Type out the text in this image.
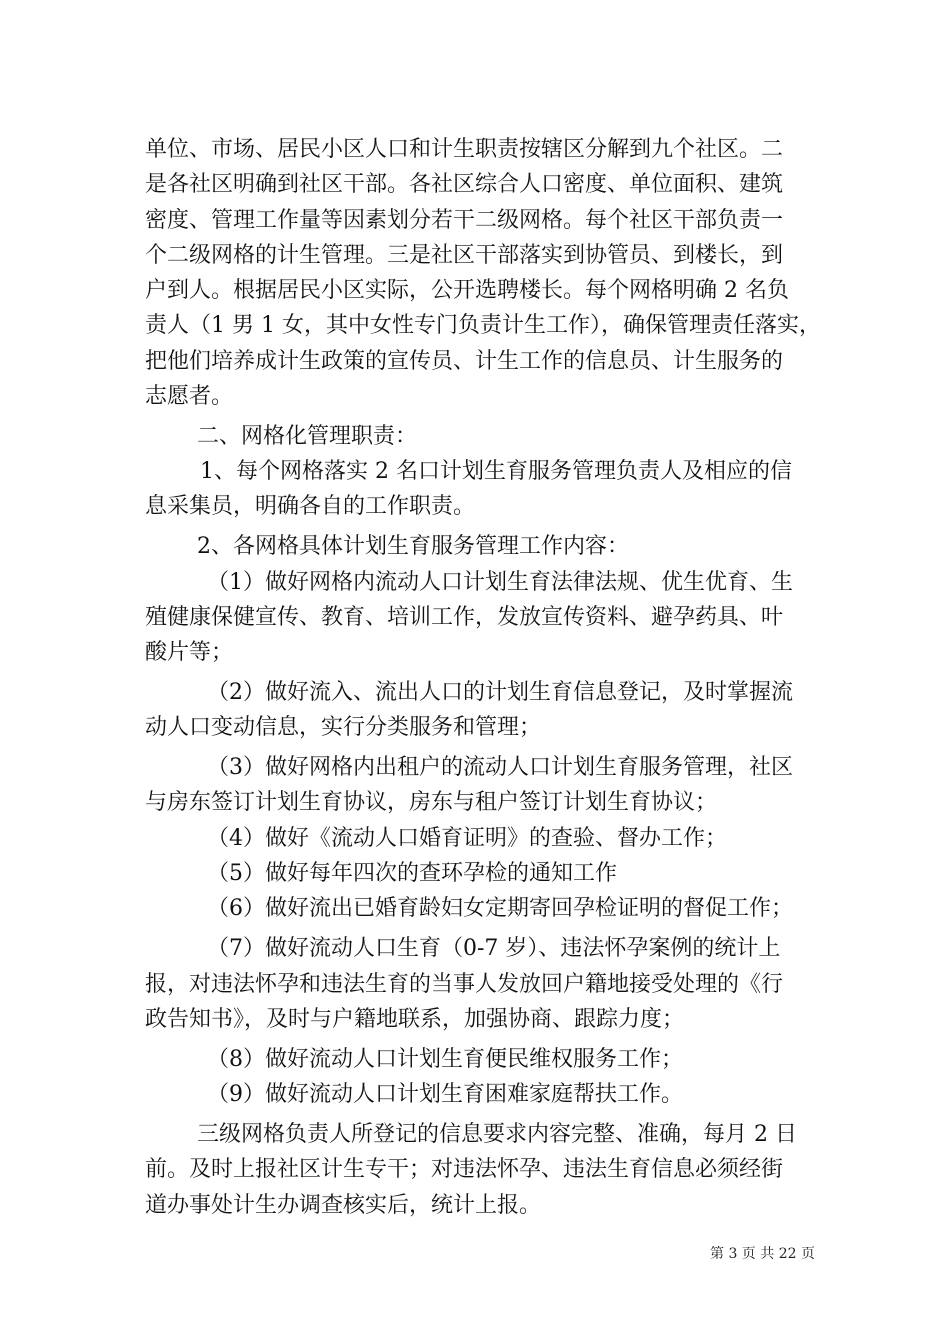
单位、市场、居民小区人口和计生职责按辖区分解到九个社区。二
是各社区明确到社区干部。各社区综合人口密度、单位面积、建筑
密度、管理工作量等因素划分若干二级网格。每个社区干部负责一
个二级网格的计生管理。三是社区干部落实到协管员、到楼长，到
户到人。根据居民小区实际，公开选聘楼长。每个网格明确 2 名负
责人（1 男 1 女，其中女性专门负责计生工作），确保管理责任落实，
把他们培养成计生政策的宣传员、计生工作的信息员、计生服务的
志愿者。
二、网格化管理职责：
1、每个网格落实 2 名口计划生育服务管理负责人及相应的信
息采集员，明确各自的工作职责。
2、各网格具体计划生育服务管理工作内容：
（1）做好网格内流动人口计划生育法律法规、优生优育、生
殖健康保健宣传、教育、培训工作，发放宣传资料、避孕药具、叶
酸片等；
（2）做好流入、流出人口的计划生育信息登记，及时掌握流
动人口变动信息，实行分类服务和管理；
（3）做好网格内出租户的流动人口计划生育服务管理，社区
与房东签订计划生育协议，房东与租户签订计划生育协议；
（4）做好《流动人口婚育证明》的查验、督办工作；
（5）做好每年四次的查环孕检的通知工作
（6）做好流出已婚育龄妇女定期寄回孕检证明的督促工作；
（7）做好流动人口生育（0-7 岁）、违法怀孕案例的统计上
报，对违法怀孕和违法生育的当事人发放回户籍地接受处理的《行
政告知书》，及时与户籍地联系，加强协商、跟踪力度；
（8）做好流动人口计划生育便民维权服务工作；
（9）做好流动人口计划生育困难家庭帮扶工作。
三级网格负责人所登记的信息要求内容完整、准确，每月 2 日
前。及时上报社区计生专干；对违法怀孕、违法生育信息必须经街
道办事处计生办调查核实后，统计上报。
第 3 页 共 22 页
